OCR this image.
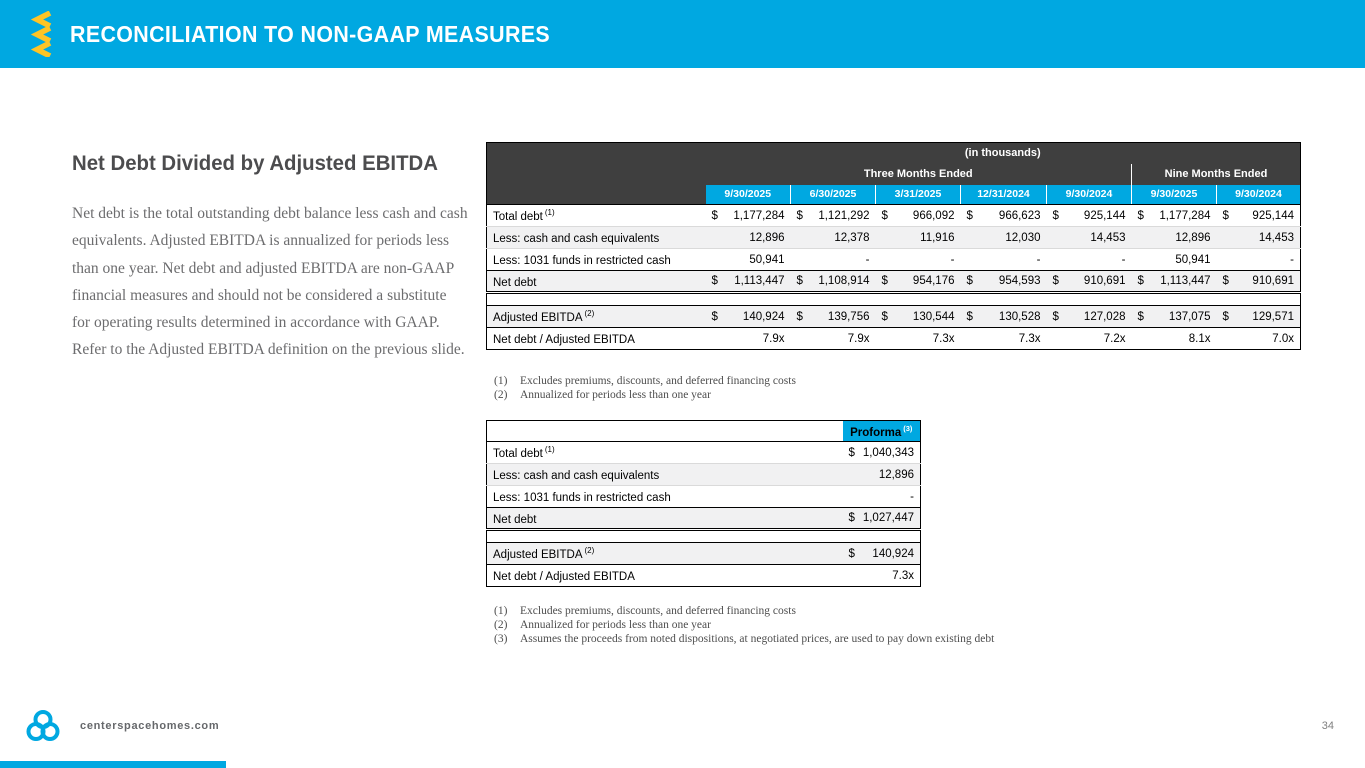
RECONCILIATION TO NON-GAAP MEASURES
Net Debt Divided by Adjusted EBITDA

Net debt is the total outstanding debt balance less cash and cash equivalents. Adjusted EBITDA is annualized for periods less than one year. Net debt and adjusted EBITDA are non-GAAP financial measures and should not be considered a substitute for operating results determined in accordance with GAAP. Refer to the Adjusted EBITDA definition on the previous slide.

	(in thousands)						
	Three Months Ended					Nine Months Ended	
	9/30/2025	6/30/2025	3/31/2025	12/31/2024	9/30/2024	9/30/2025	9/30/2024
Total debt $^{(1)}$	$ 1,177,284	$ 1,121,292	$ 966,092	$ 966,623	$ 925,144	$ 1,177,284	$ 925,144
Less: cash and cash equivalents	12,896	12,378	11,916	12,030	14,453	12,896	14,453
Less: 1031 funds in restricted cash	50,941	-	-	-	-	50,941	-
Net debt	$ 1,113,447	$ 1,108,914	$ 954,176	$ 954,593	$ 910,691	$ 1,113,447	$ 910,691

Adjusted EBITDA $^{(2)}$	$ 140,924	$ 139,756	$ 130,544	$ 130,528	$ 127,028	$ 137,075	$ 129,571
Net debt / Adjusted EBITDA	7.9x	7.9x	7.3x	7.3x	7.2x	8.1x	7.0x
(1)	Excludes premiums, discounts, and deferred financing costs
(2)	Annualized for periods less than one year
	Proforma $^{(3)}$
Total debt $^{(1)}$	$ 1,040,343
Less: cash and cash equivalents	12,896
Less: 1031 funds in restricted cash	-
Net debt	$ 1,027,447

Adjusted EBITDA $^{(2)}$	$ 140,924
Net debt / Adjusted EBITDA	7.3x
(1)	Excludes premiums, discounts, and deferred financing costs
(2)	Annualized for periods less than one year
(3)	Assumes the proceeds from noted dispositions, at negotiated prices, are used to pay down existing debt
centerspacehomes.com	34
